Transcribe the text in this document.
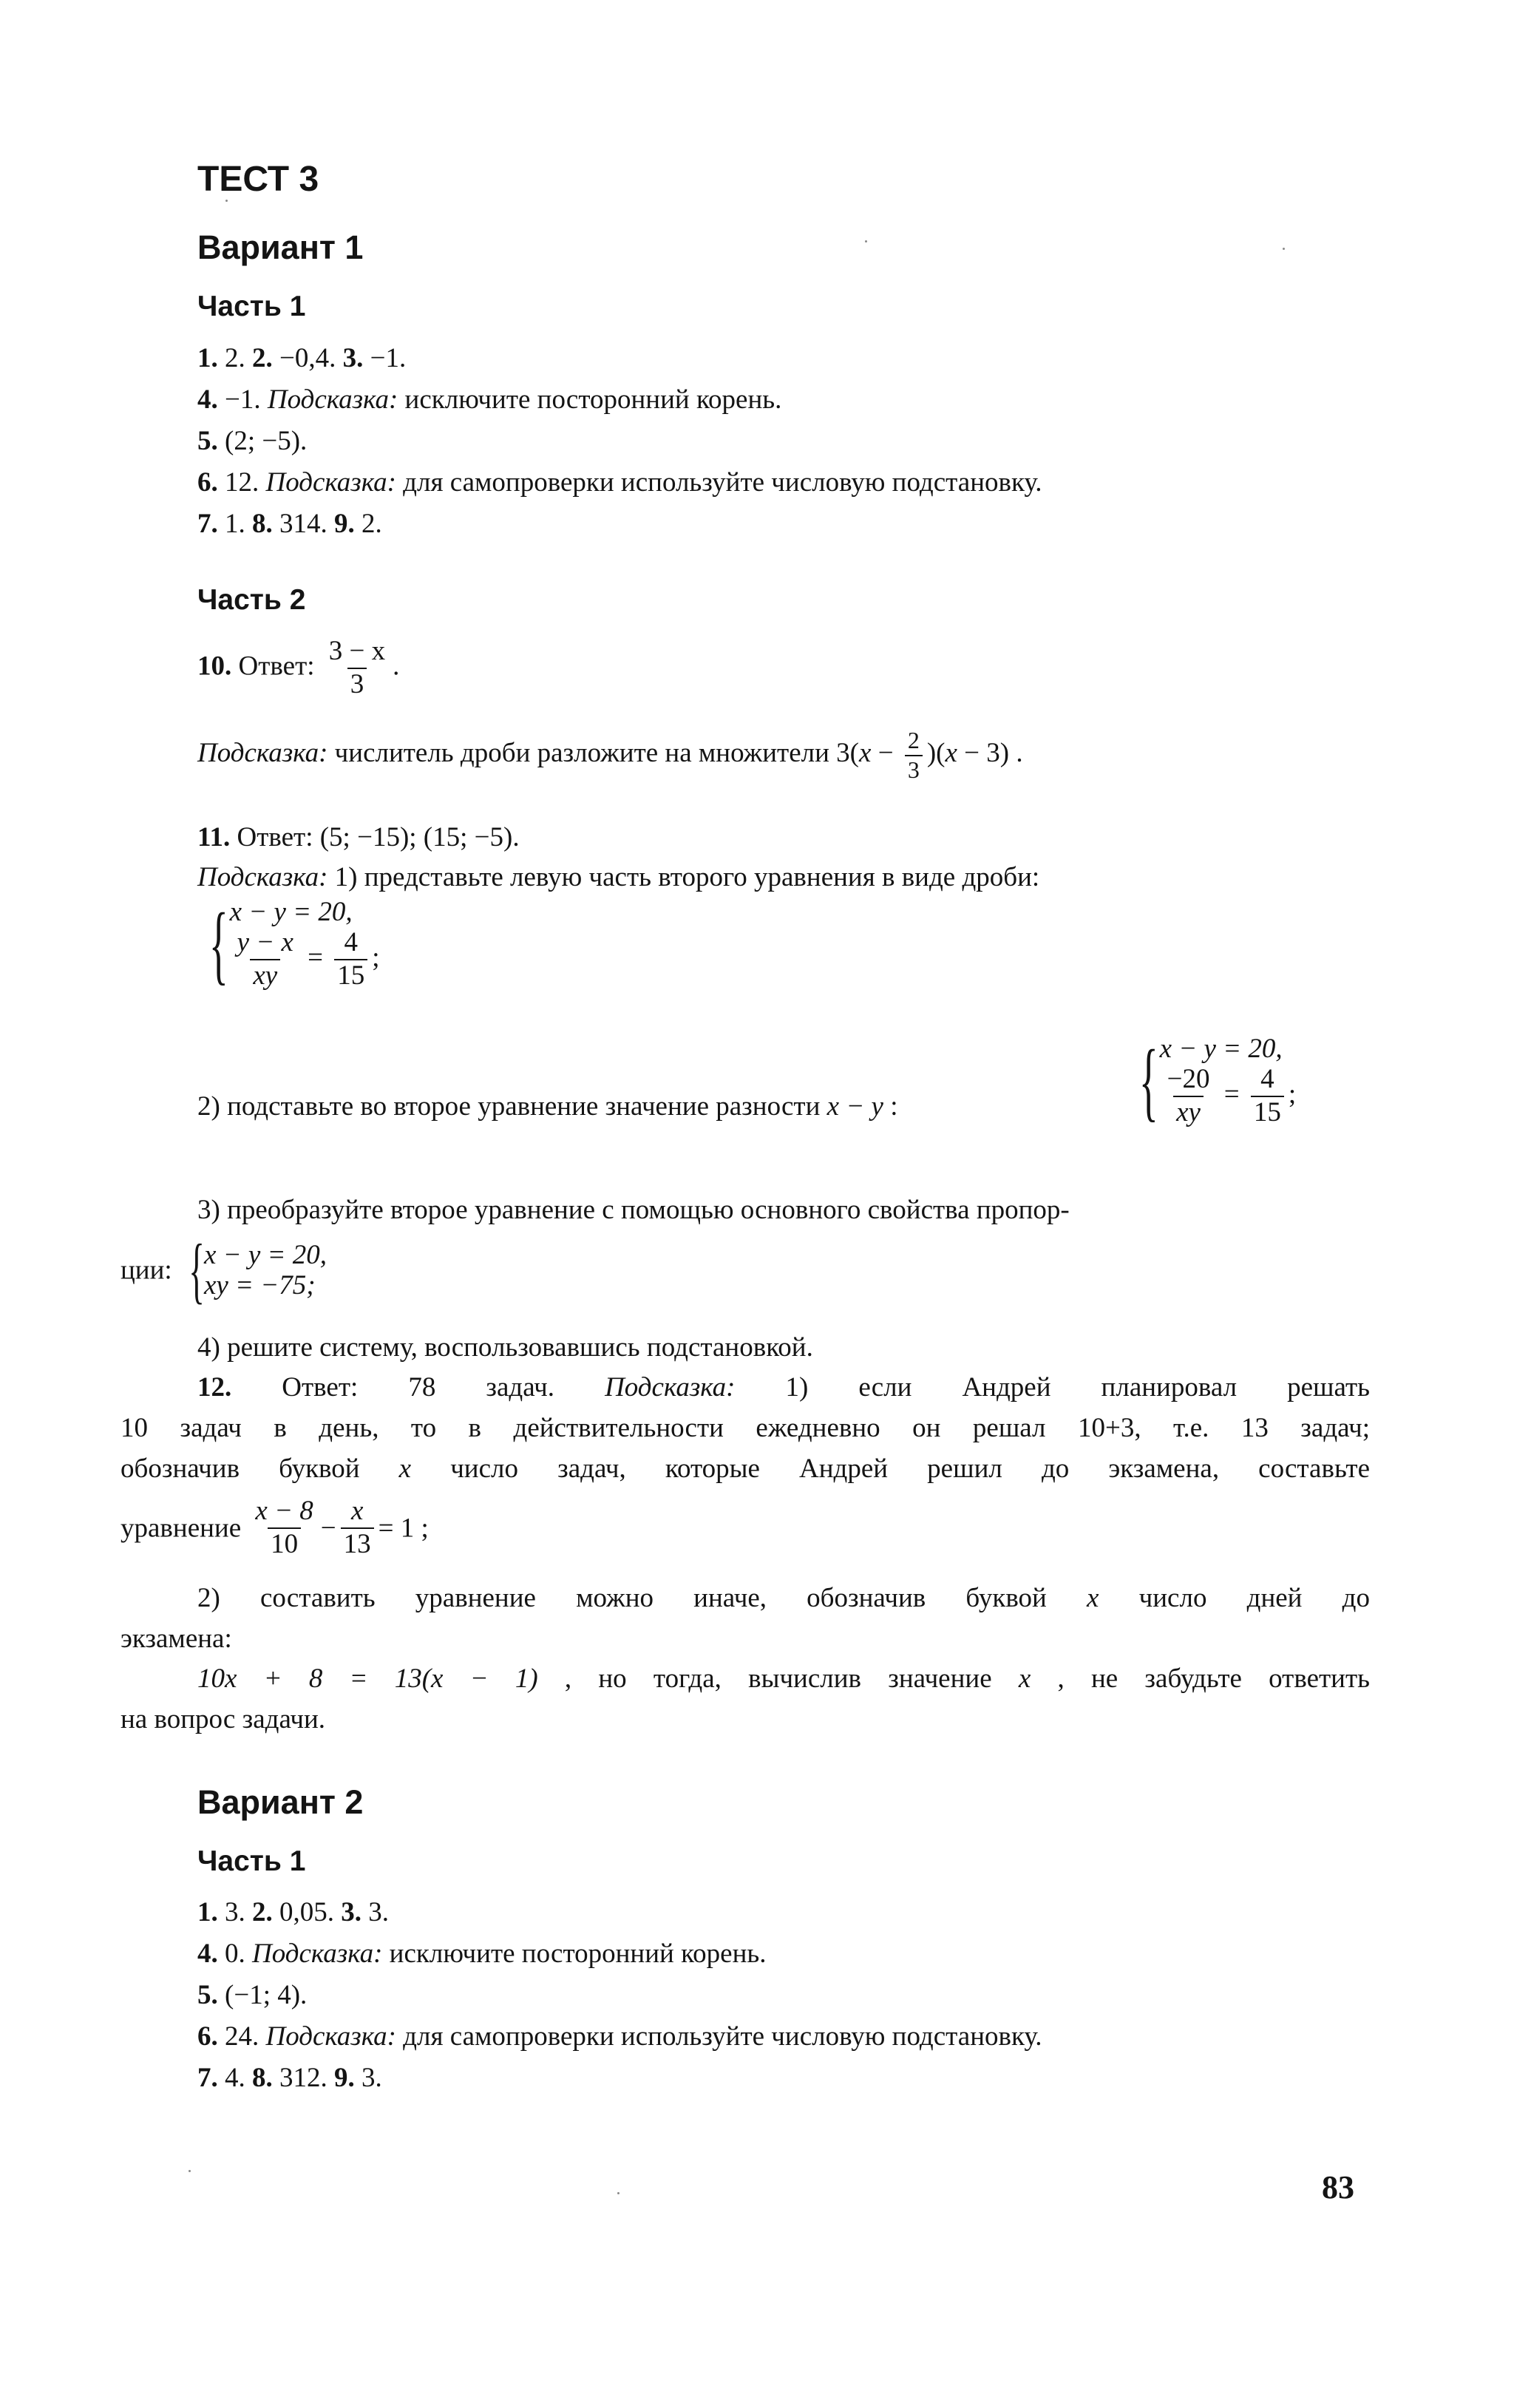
ТЕСТ 3
Вариант 1
Часть 1
1. 2. 2. −0,4. 3. −1.
4. −1. Подсказка: исключите посторонний корень.
5. (2; −5).
6. 12. Подсказка: для самопроверки используйте числовую подстановку.
7. 1. 8. 314. 9. 2.
Часть 2
10. Ответ: $\frac{3 - x}{3}$ .
Подсказка: числитель дроби разложите на множители $3(x - \frac{2}{3} )(x - 3)$ .
11. Ответ: (5; −15); (15; −5).
Подсказка: 1) представьте левую часть второго уравнения в виде дроби:
{ x − y = 20,
$\frac{y - x}{xy} = \frac{4}{15}$ ;
2) подставьте во второе уравнение значение разности x − y :	{ x − y = 20,
$\frac{-20}{xy} = \frac{4}{15}$ ;
3) преобразуйте второе уравнение с помощью основного свойства пропор-
ции: { x − y = 20,
xy = −75;
4) решите систему, воспользовавшись подстановкой.
12. Ответ: 78 задач. Подсказка: 1) если Андрей планировал решать
10 задач в день, то в действительности ежедневно он решал 10+3, т.е. 13 задач;
обозначив буквой x число задач, которые Андрей решил до экзамена, составьте
уравнение $\frac{x - 8}{10} - \frac{x}{13} = 1$ ;
2) составить уравнение можно иначе, обозначив буквой x число дней до
экзамена:
10x + 8 = 13(x − 1) , но тогда, вычислив значение x , не забудьте ответить
на вопрос задачи.
Вариант 2
Часть 1
1. 3. 2. 0,05. 3. 3.
4. 0. Подсказка: исключите посторонний корень.
5. (−1; 4).
6. 24. Подсказка: для самопроверки используйте числовую подстановку.
7. 4. 8. 312. 9. 3.
83
